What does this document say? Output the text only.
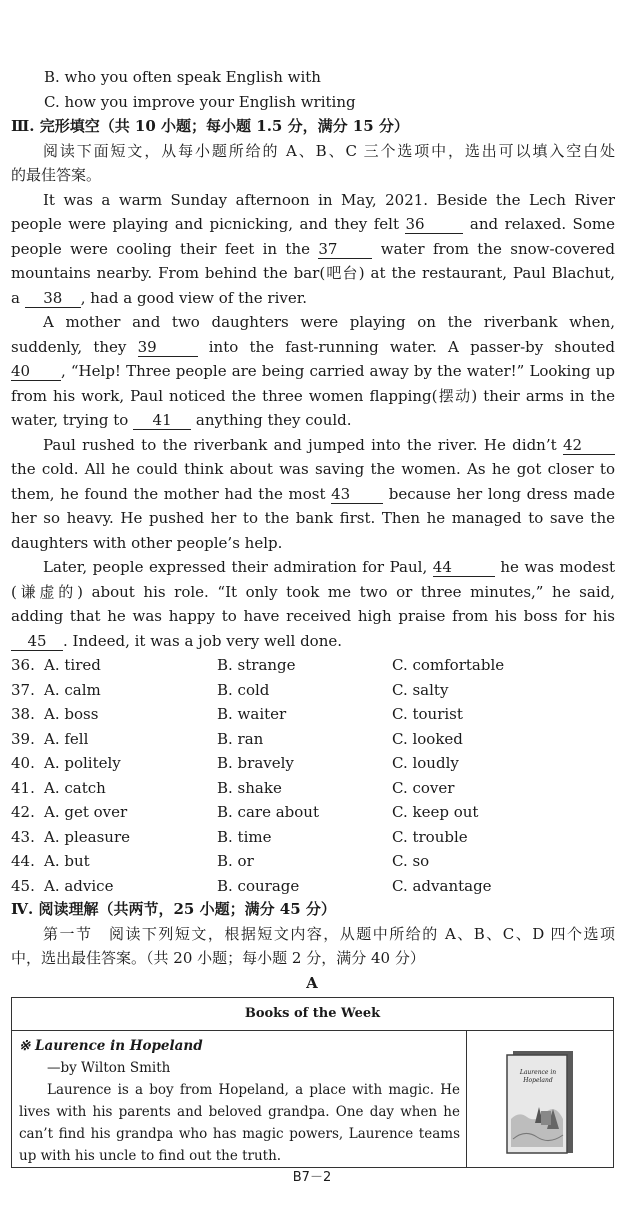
B. who you often speak English with
C. how you improve your English writing
Ⅲ. 完形填空（共 10 小题；每小题 1.5 分，满分 15 分）
阅读下面短文，从每小题所给的 A、B、C 三个选项中，选出可以填入空白处
的最佳答案。
It was a warm Sunday afternoon in May, 2021. Beside the Lech River
people were playing and picnicking, and they felt 36	and relaxed. Some
people were cooling their feet in the 37	water from the snow-covered
mountains nearby. From behind the bar(吧台) at the restaurant, Paul Blachut,
a 38 , had a good view of the river.
A mother and two daughters were playing on the riverbank when,
suddenly, they 39	into the fast-running water. A passer-by shouted
40 , “Help! Three people are being carried away by the water!” Looking up
from his work, Paul noticed the three women flapping(摆动) their arms in the
water, trying to 41 anything they could.
Paul rushed to the riverbank and jumped into the river. He didn’t 42
the cold. All he could think about was saving the women. As he got closer to
them, he found the mother had the most 43	because her long dress made
her so heavy. He pushed her to the bank first. Then he managed to save the
daughters with other people’s help.
Later, people expressed their admiration for Paul, 44	he was modest
(谦虚的) about his role. “It only took me two or three minutes,” he said,
adding that he was happy to have received high praise from his boss for his
45 . Indeed, it was a job very well done.
36. A. tired	B. strange	C. comfortable
37. A. calm	B. cold	C. salty
38. A. boss	B. waiter	C. tourist
39. A. fell	B. ran	C. looked
40. A. politely	B. bravely	C. loudly
41. A. catch	B. shake	C. cover
42. A. get over	B. care about	C. keep out
43. A. pleasure	B. time	C. trouble
44. A. but	B. or	C. so
45. A. advice	B. courage	C. advantage
Ⅳ. 阅读理解（共两节，25 小题；满分 45 分）
第一节　阅读下列短文，根据短文内容，从题中所给的 A、B、C、D 四个选项
中，选出最佳答案。（共 20 小题；每小题 2 分，满分 40 分）
A
Books of the Week

※ Laurence in Hopeland
—by Wilton Smith

Laurence is a boy from Hopeland, a place with magic. He lives with his parents and beloved grandpa. One day when he can’t find his grandpa who has magic powers, Laurence teams up with his uncle to find out the truth.

Laurence in Hopeland
B7－2
